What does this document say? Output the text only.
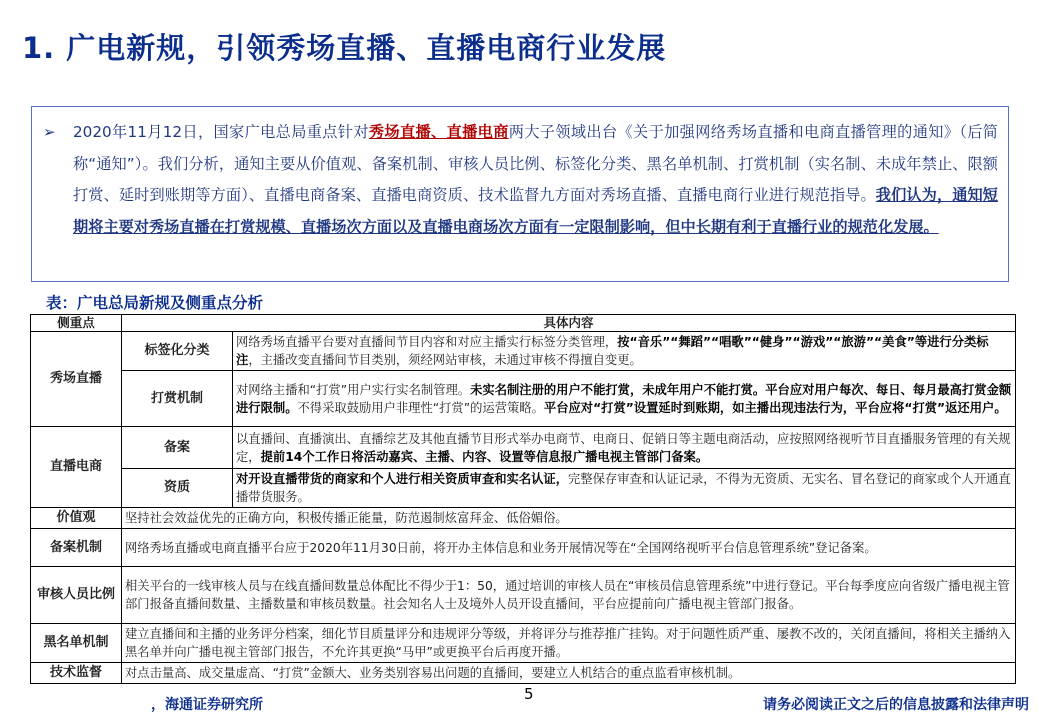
1. 广电新规，引领秀场直播、直播电商行业发展
➢ 2020年11月12日，国家广电总局重点针对秀场直播、直播电商两大子领域出台《关于加强网络秀场直播和电商直播管理的通知》（后简称“通知”）。我们分析，通知主要从价值观、备案机制、审核人员比例、标签化分类、黑名单机制、打赏机制（实名制、未成年禁止、限额打赏、延时到账期等方面）、直播电商备案、直播电商资质、技术监督九方面对秀场直播、直播电商行业进行规范指导。我们认为，通知短期将主要对秀场直播在打赏规模、直播场次方面以及直播电商场次方面有一定限制影响，但中长期有利于直播行业的规范化发展。
表：广电总局新规及侧重点分析
侧重点	具体内容	
秀场直播	标签化分类	网络秀场直播平台要对直播间节目内容和对应主播实行标签分类管理，按“音乐”“舞蹈”“唱歌”“健身”“游戏”“旅游”“美食”等进行分类标注，主播改变直播间节目类别，须经网站审核，未通过审核不得擅自变更。
	打赏机制	对网络主播和“打赏”用户实行实名制管理。未实名制注册的用户不能打赏，未成年用户不能打赏。平台应对用户每次、每日、每月最高打赏金额进行限制。不得采取鼓励用户非理性“打赏”的运营策略。平台应对“打赏”设置延时到账期，如主播出现违法行为，平台应将“打赏”返还用户。
直播电商	备案	以直播间、直播演出、直播综艺及其他直播节目形式举办电商节、电商日、促销日等主题电商活动，应按照网络视听节目直播服务管理的有关规定，提前14个工作日将活动嘉宾、主播、内容、设置等信息报广播电视主管部门备案。
	资质	对开设直播带货的商家和个人进行相关资质审查和实名认证，完整保存审查和认证记录，不得为无资质、无实名、冒名登记的商家或个人开通直播带货服务。
价值观	坚持社会效益优先的正确方向，积极传播正能量，防范遏制炫富拜金、低俗媚俗。	
备案机制	网络秀场直播或电商直播平台应于2020年11月30日前，将开办主体信息和业务开展情况等在“全国网络视听平台信息管理系统”登记备案。	
审核人员比例	相关平台的一线审核人员与在线直播间数量总体配比不得少于1：50，通过培训的审核人员在“审核员信息管理系统”中进行登记。平台每季度应向省级广播电视主管部门报备直播间数量、主播数量和审核员数量。社会知名人士及境外人员开设直播间，平台应提前向广播电视主管部门报备。	
黑名单机制	建立直播间和主播的业务评分档案，细化节目质量评分和违规评分等级，并将评分与推荐推广挂钩。对于问题性质严重、屡教不改的，关闭直播间，将相关主播纳入黑名单并向广播电视主管部门报告，不允许其更换“马甲”或更换平台后再度开播。	
技术监督	对点击量高、成交量虚高、“打赏”金额大、业务类别容易出问题的直播间，要建立人机结合的重点监看审核机制。	
，海通证券研究所
5
请务必阅读正文之后的信息披露和法律声明
